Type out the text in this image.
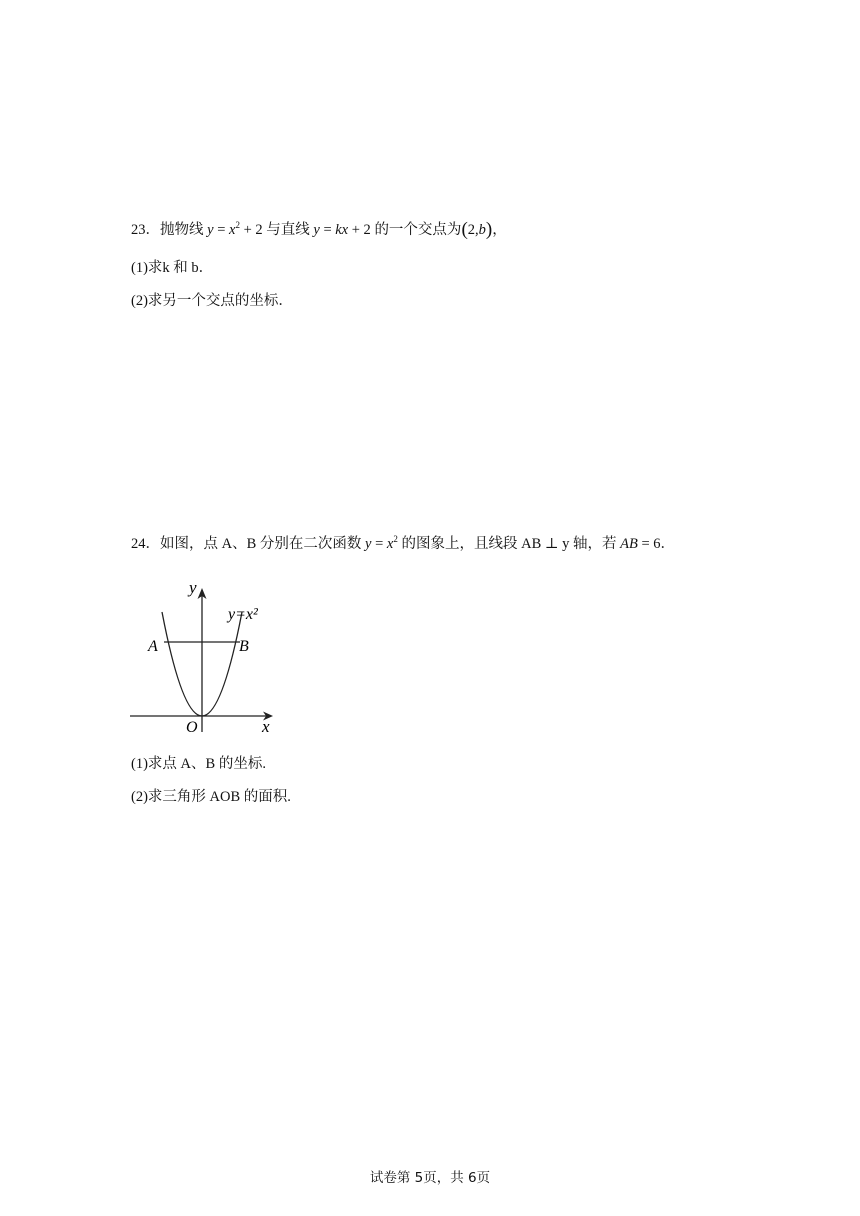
23．抛物线 $y = x^2 + 2$ 与直线 y = kx + 2 的一个交点为(2,b)，
(1)求k 和 b．
(2)求另一个交点的坐标．
24．如图，点 A、B 分别在二次函数 $y = x^2$ 的图象上，且线段 AB ⊥ y 轴，若 AB = 6．
y
y=x²
A	B
O	x
(1)求点 A、B 的坐标.
(2)求三角形 AOB 的面积.
试卷第 5页，共 6页
